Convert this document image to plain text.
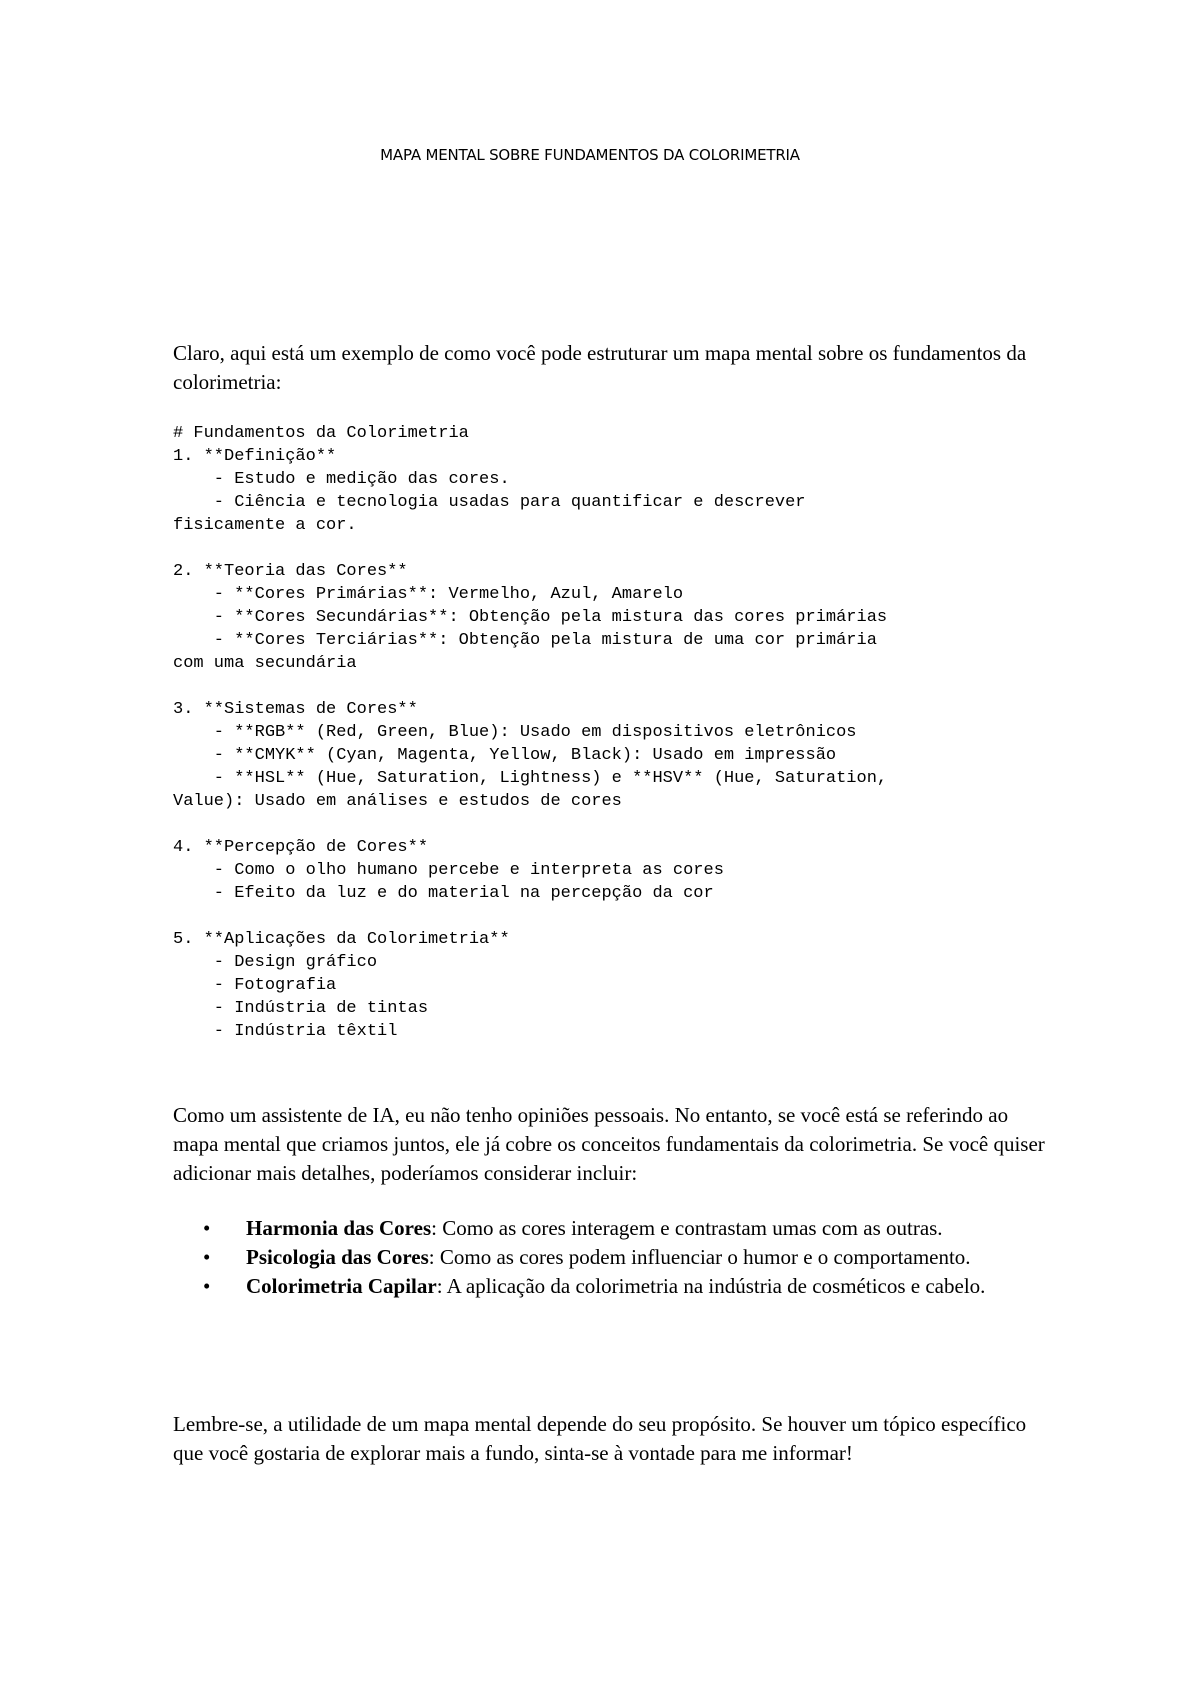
MAPA MENTAL SOBRE FUNDAMENTOS DA COLORIMETRIA

Claro, aqui está um exemplo de como você pode estruturar um mapa mental sobre os fundamentos da colorimetria:

# Fundamentos da Colorimetria
1. **Definição**
- Estudo e medição das cores.
- Ciência e tecnologia usadas para quantificar e descrever
fisicamente a cor.

2. **Teoria das Cores**
- **Cores Primárias**: Vermelho, Azul, Amarelo
- **Cores Secundárias**: Obtenção pela mistura das cores primárias
- **Cores Terciárias**: Obtenção pela mistura de uma cor primária
com uma secundária

3. **Sistemas de Cores**
- **RGB** (Red, Green, Blue): Usado em dispositivos eletrônicos
- **CMYK** (Cyan, Magenta, Yellow, Black): Usado em impressão
- **HSL** (Hue, Saturation, Lightness) e **HSV** (Hue, Saturation,
Value): Usado em análises e estudos de cores

4. **Percepção de Cores**
- Como o olho humano percebe e interpreta as cores
- Efeito da luz e do material na percepção da cor

5. **Aplicações da Colorimetria**
- Design gráfico
- Fotografia
- Indústria de tintas
- Indústria têxtil

Como um assistente de IA, eu não tenho opiniões pessoais. No entanto, se você está se referindo ao mapa mental que criamos juntos, ele já cobre os conceitos fundamentais da colorimetria. Se você quiser adicionar mais detalhes, poderíamos considerar incluir:

• Harmonia das Cores: Como as cores interagem e contrastam umas com as outras.
• Psicologia das Cores: Como as cores podem influenciar o humor e o comportamento.
• Colorimetria Capilar: A aplicação da colorimetria na indústria de cosméticos e cabelo.

Lembre-se, a utilidade de um mapa mental depende do seu propósito. Se houver um tópico específico que você gostaria de explorar mais a fundo, sinta-se à vontade para me informar!
